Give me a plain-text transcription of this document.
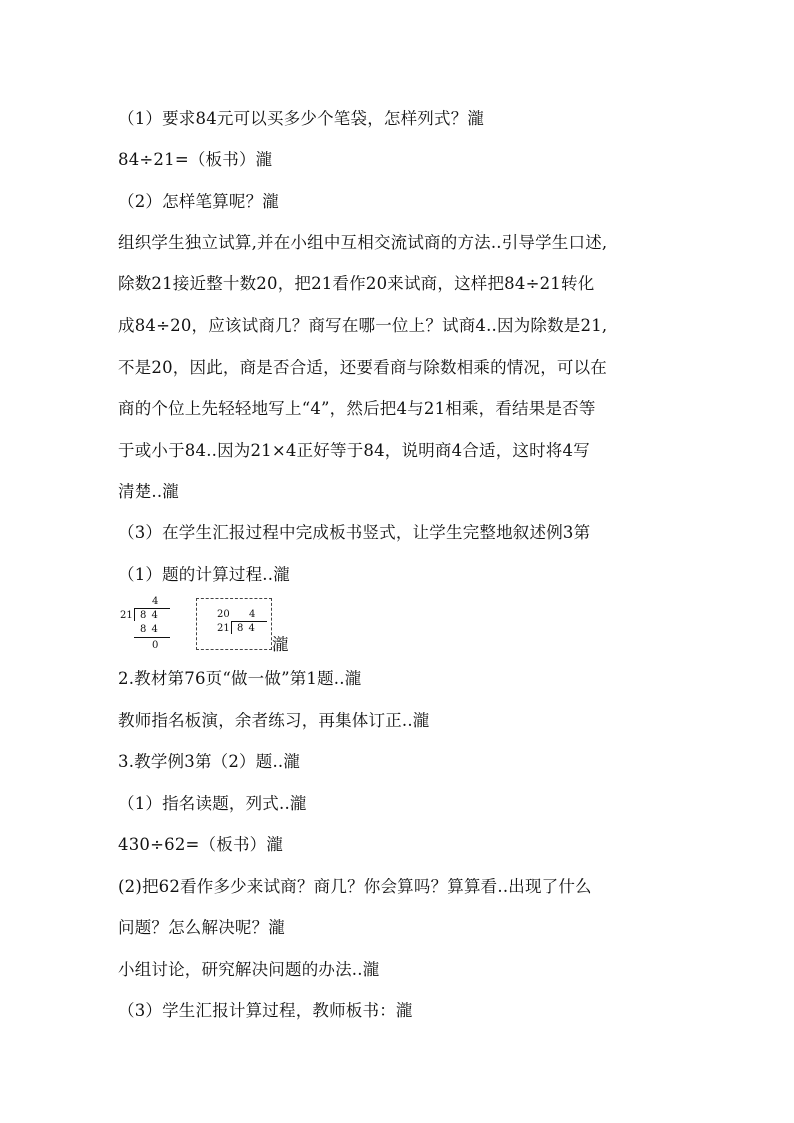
（1）要求84元可以买多少个笔袋，怎样列式？瀧
84÷21=（板书）瀧
（2）怎样笔算呢？瀧
组织学生独立试算,并在小组中互相交流试商的方法..引导学生口述,
除数21接近整十数20，把21看作20来试商，这样把84÷21转化
成84÷20，应该试商几？商写在哪一位上？试商4..因为除数是21,
不是20，因此，商是否合适，还要看商与除数相乘的情况，可以在
商的个位上先轻轻地写上“4”，然后把4与21相乘，看结果是否等
于或小于84..因为21×4正好等于84，说明商4合适，这时将4写
清楚..瀧
（3）在学生汇报过程中完成板书竖式，让学生完整地叙述例3第
（1）题的计算过程..瀧
4
21 8 4
8 4
0
20 4
21 8 4
瀧
2.教材第76页“做一做”第1题..瀧
教师指名板演，余者练习，再集体订正..瀧
3.教学例3第（2）题..瀧
（1）指名读题，列式..瀧
430÷62=（板书）瀧
(2)把62看作多少来试商？商几？你会算吗？算算看..出现了什么
问题？怎么解决呢？瀧
小组讨论，研究解决问题的办法..瀧
（3）学生汇报计算过程，教师板书：瀧
